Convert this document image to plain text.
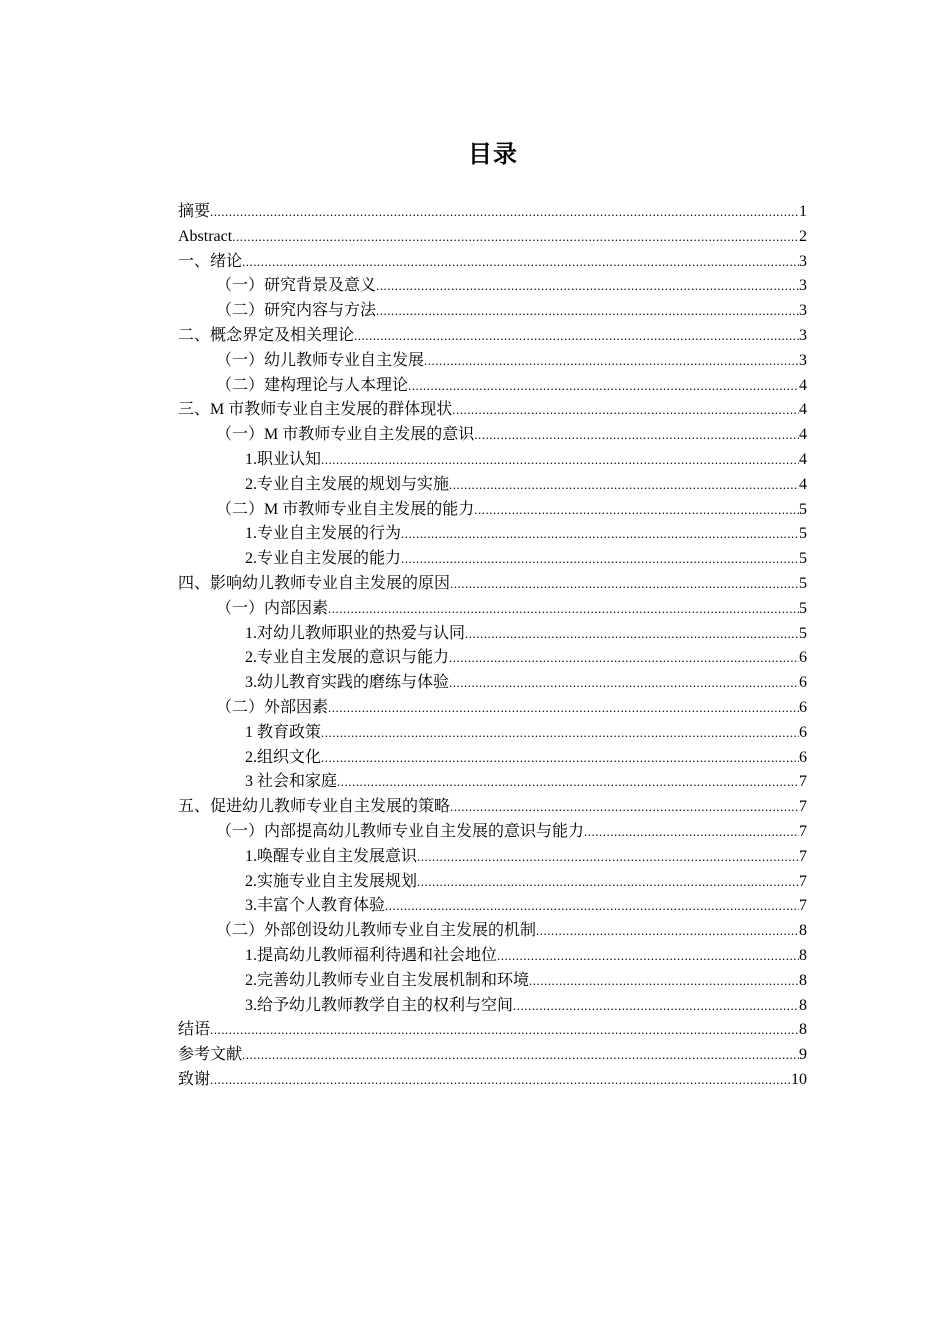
目录
摘要 .....	1
Abstract .....	2
一、绪论 .....	3
（一）研究背景及意义 .....	3
（二）研究内容与方法 .....	3
二、概念界定及相关理论 .....	3
（一）幼儿教师专业自主发展 .....	3
（二）建构理论与人本理论 .....	4
三、M 市教师专业自主发展的群体现状 .....	4
（一）M 市教师专业自主发展的意识 .....	4
1.职业认知 .....	4
2.专业自主发展的规划与实施 .....	4
（二）M 市教师专业自主发展的能力 .....	5
1.专业自主发展的行为 .....	5
2.专业自主发展的能力 .....	5
四、影响幼儿教师专业自主发展的原因 .....	5
（一）内部因素 .....	5
1.对幼儿教师职业的热爱与认同 .....	5
2.专业自主发展的意识与能力 .....	6
3.幼儿教育实践的磨练与体验 .....	6
（二）外部因素 .....	6
1 教育政策 .....	6
2.组织文化 .....	6
3 社会和家庭 .....	7
五、促进幼儿教师专业自主发展的策略 .....	7
（一）内部提高幼儿教师专业自主发展的意识与能力 .....	7
1.唤醒专业自主发展意识 .....	7
2.实施专业自主发展规划 .....	7
3.丰富个人教育体验 .....	7
（二）外部创设幼儿教师专业自主发展的机制 .....	8
1.提高幼儿教师福利待遇和社会地位 .....	8
2.完善幼儿教师专业自主发展机制和环境 .....	8
3.给予幼儿教师教学自主的权利与空间 .....	8
结语 .....	8
参考文献 .....	9
致谢 .....	10
